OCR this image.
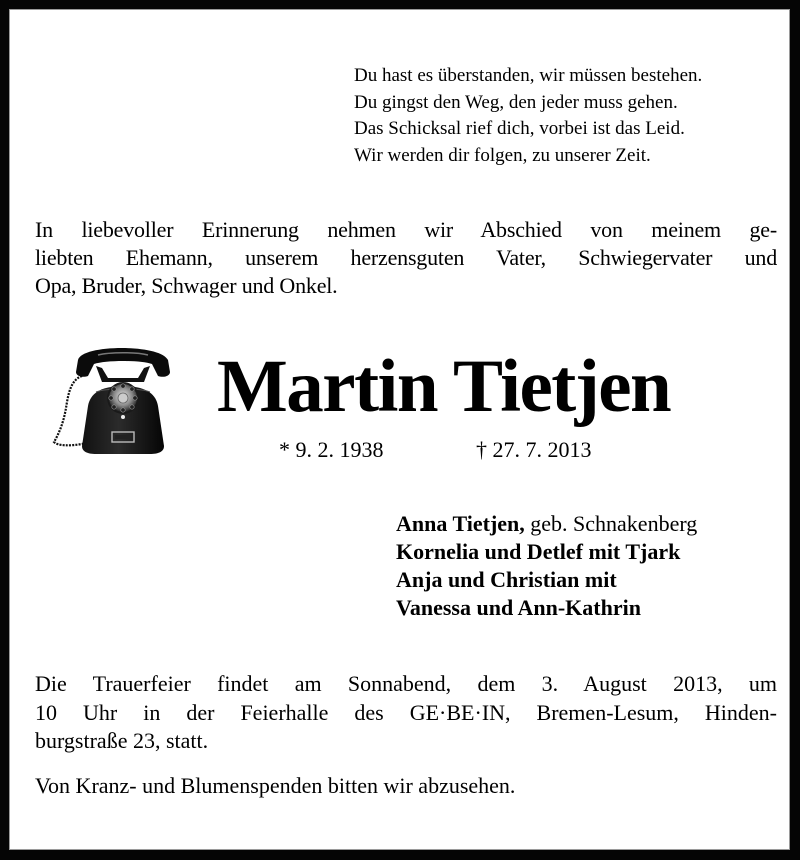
Du hast es überstanden, wir müssen bestehen.
Du gingst den Weg, den jeder muss gehen.
Das Schicksal rief dich, vorbei ist das Leid.
Wir werden dir folgen, zu unserer Zeit.
In liebevoller Erinnerung nehmen wir Abschied von meinem ge-
liebten Ehemann, unserem herzensguten Vater, Schwiegervater und
Opa, Bruder, Schwager und Onkel.
Martin Tietjen
* 9. 2. 1938	† 27. 7. 2013
Anna Tietjen, geb. Schnakenberg
Kornelia und Detlef mit Tjark
Anja und Christian mit
Vanessa und Ann-Kathrin
Die Trauerfeier findet am Sonnabend, dem 3. August 2013, um
10 Uhr in der Feierhalle des GE·BE·IN, Bremen-Lesum, Hinden-
burgstraße 23, statt.
Von Kranz- und Blumenspenden bitten wir abzusehen.
